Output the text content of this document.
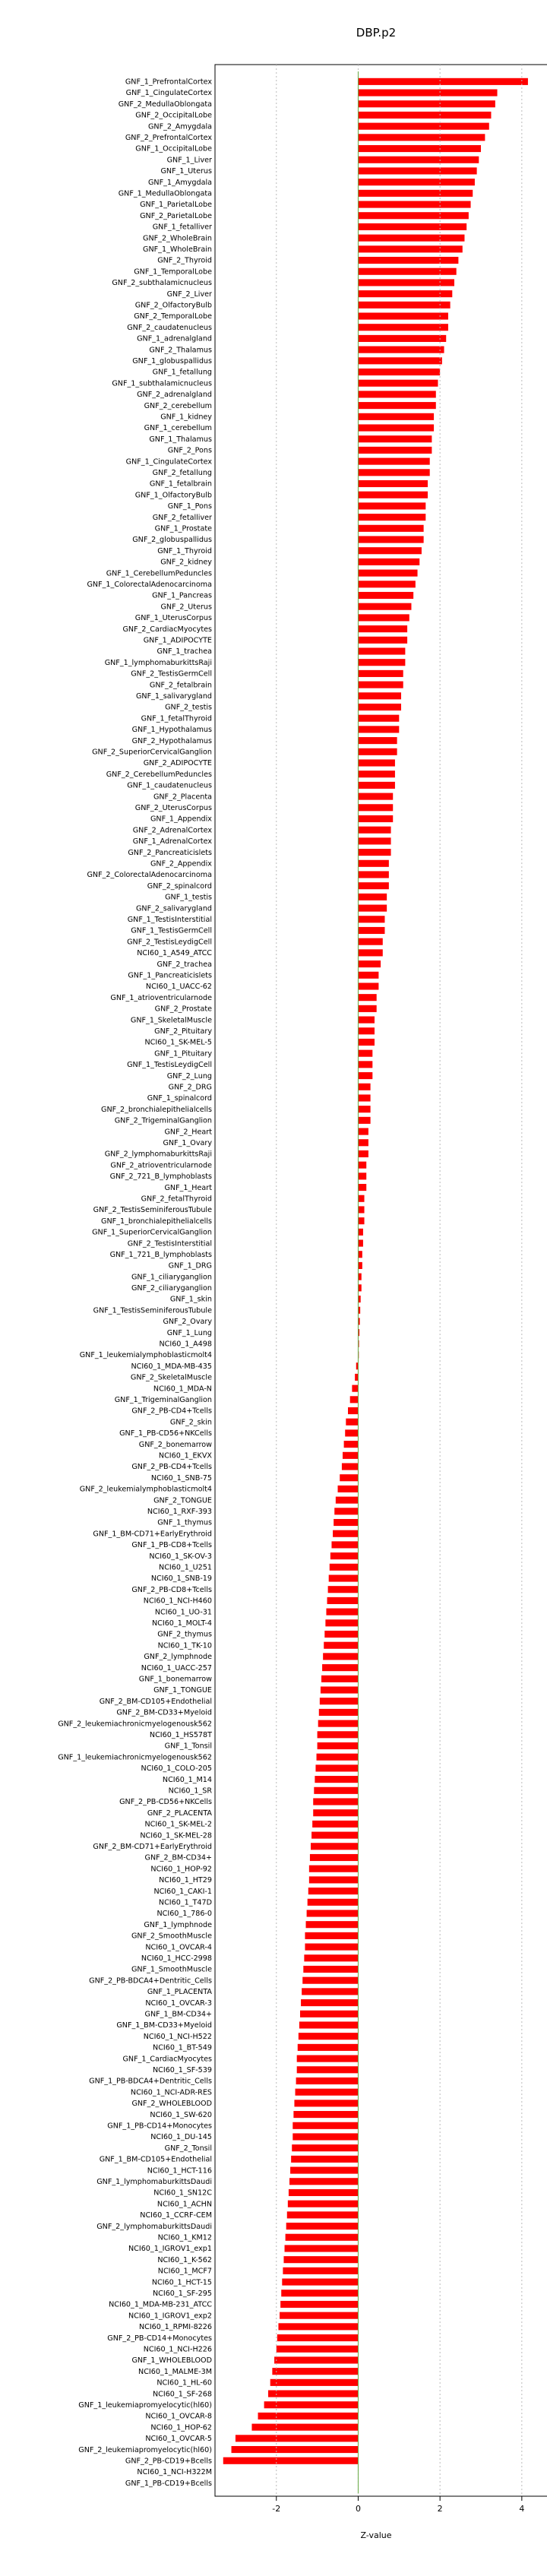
DBP.p2
GNF_1_PrefrontalCortex
GNF_1_CingulateCortex
GNF_2_MedullaOblongata
GNF_2_OccipitalLobe
GNF_2_Amygdala
GNF_2_PrefrontalCortex
GNF_1_OccipitalLobe
GNF_1_Liver
GNF_1_Uterus
GNF_1_Amygdala
GNF_1_MedullaOblongata
GNF_1_ParietalLobe
GNF_2_ParietalLobe
GNF_1_fetalliver
GNF_2_WholeBrain
GNF_1_WholeBrain
GNF_2_Thyroid
GNF_1_TemporalLobe
GNF_2_subthalamicnucleus
GNF_2_Liver
GNF_2_OlfactoryBulb
GNF_2_TemporalLobe
GNF_2_caudatenucleus
GNF_1_adrenalgland
GNF_2_Thalamus
GNF_1_globuspallidus
GNF_1_fetallung
GNF_1_subthalamicnucleus
GNF_2_adrenalgland
GNF_2_cerebellum
GNF_1_kidney
GNF_1_cerebellum
GNF_1_Thalamus
GNF_2_Pons
GNF_1_CingulateCortex
GNF_2_fetallung
GNF_1_fetalbrain
GNF_1_OlfactoryBulb
GNF_1_Pons
GNF_2_fetalliver
GNF_1_Prostate
GNF_2_globuspallidus
GNF_1_Thyroid
GNF_2_kidney
GNF_1_CerebellumPeduncles
GNF_1_ColorectalAdenocarcinoma
GNF_1_Pancreas
GNF_2_Uterus
GNF_1_UterusCorpus
GNF_2_CardiacMyocytes
GNF_1_ADIPOCYTE
GNF_1_trachea
GNF_1_lymphomaburkittsRaji
GNF_2_TestisGermCell
GNF_2_fetalbrain
GNF_1_salivarygland
GNF_2_testis
GNF_1_fetalThyroid
GNF_1_Hypothalamus
GNF_2_Hypothalamus
GNF_2_SuperiorCervicalGanglion
GNF_2_ADIPOCYTE
GNF_2_CerebellumPeduncles
GNF_1_caudatenucleus
GNF_2_Placenta
GNF_2_UterusCorpus
GNF_1_Appendix
GNF_2_AdrenalCortex
GNF_1_AdrenalCortex
GNF_2_Pancreaticislets
GNF_2_Appendix
GNF_2_ColorectalAdenocarcinoma
GNF_2_spinalcord
GNF_1_testis
GNF_2_salivarygland
GNF_1_TestisInterstitial
GNF_1_TestisGermCell
GNF_2_TestisLeydigCell
NCI60_1_A549_ATCC
GNF_2_trachea
GNF_1_Pancreaticislets
NCI60_1_UACC-62
GNF_1_atrioventricularnode
GNF_2_Prostate
GNF_1_SkeletalMuscle
GNF_2_Pituitary
NCI60_1_SK-MEL-5
GNF_1_Pituitary
GNF_1_TestisLeydigCell
GNF_2_Lung
GNF_2_DRG
GNF_1_spinalcord
GNF_2_bronchialepithelialcells
GNF_2_TrigeminalGanglion
GNF_2_Heart
GNF_1_Ovary
GNF_2_lymphomaburkittsRaji
GNF_2_atrioventricularnode
GNF_2_721_B_lymphoblasts
GNF_1_Heart
GNF_2_fetalThyroid
GNF_2_TestisSeminiferousTubule
GNF_1_bronchialepithelialcells
GNF_1_SuperiorCervicalGanglion
GNF_2_TestisInterstitial
GNF_1_721_B_lymphoblasts
GNF_1_DRG
GNF_1_ciliaryganglion
GNF_2_ciliaryganglion
GNF_1_skin
GNF_1_TestisSeminiferousTubule
GNF_2_Ovary
GNF_1_Lung
NCI60_1_A498
GNF_1_leukemialymphoblasticmolt4
NCI60_1_MDA-MB-435
GNF_2_SkeletalMuscle
NCI60_1_MDA-N
GNF_1_TrigeminalGanglion
GNF_2_PB-CD4+Tcells
GNF_2_skin
GNF_1_PB-CD56+NKCells
GNF_2_bonemarrow
NCI60_1_EKVX
GNF_2_PB-CD4+Tcells
NCI60_1_SNB-75
GNF_2_leukemialymphoblasticmolt4
GNF_2_TONGUE
NCI60_1_RXF-393
GNF_1_thymus
GNF_1_BM-CD71+EarlyErythroid
GNF_1_PB-CD8+Tcells
NCI60_1_SK-OV-3
NCI60_1_U251
NCI60_1_SNB-19
GNF_2_PB-CD8+Tcells
NCI60_1_NCI-H460
NCI60_1_UO-31
NCI60_1_MOLT-4
GNF_2_thymus
NCI60_1_TK-10
GNF_2_lymphnode
NCI60_1_UACC-257
GNF_1_bonemarrow
GNF_1_TONGUE
GNF_2_BM-CD105+Endothelial
GNF_2_BM-CD33+Myeloid
GNF_2_leukemiachronicmyelogenousk562
NCI60_1_HS578T
GNF_1_Tonsil
GNF_1_leukemiachronicmyelogenousk562
NCI60_1_COLO-205
NCI60_1_M14
NCI60_1_SR
GNF_2_PB-CD56+NKCells
GNF_2_PLACENTA
NCI60_1_SK-MEL-2
NCI60_1_SK-MEL-28
GNF_2_BM-CD71+EarlyErythroid
GNF_2_BM-CD34+
NCI60_1_HOP-92
NCI60_1_HT29
NCI60_1_CAKI-1
NCI60_1_T47D
NCI60_1_786-0
GNF_1_lymphnode
GNF_2_SmoothMuscle
NCI60_1_OVCAR-4
NCI60_1_HCC-2998
GNF_1_SmoothMuscle
GNF_2_PB-BDCA4+Dentritic_Cells
GNF_1_PLACENTA
NCI60_1_OVCAR-3
GNF_1_BM-CD34+
GNF_1_BM-CD33+Myeloid
NCI60_1_NCI-H522
NCI60_1_BT-549
GNF_1_CardiacMyocytes
NCI60_1_SF-539
GNF_1_PB-BDCA4+Dentritic_Cells
NCI60_1_NCI-ADR-RES
GNF_2_WHOLEBLOOD
NCI60_1_SW-620
GNF_1_PB-CD14+Monocytes
NCI60_1_DU-145
GNF_2_Tonsil
GNF_1_BM-CD105+Endothelial
NCI60_1_HCT-116
GNF_1_lymphomaburkittsDaudi
NCI60_1_SN12C
NCI60_1_ACHN
NCI60_1_CCRF-CEM
GNF_2_lymphomaburkittsDaudi
NCI60_1_KM12
NCI60_1_IGROV1_exp1
NCI60_1_K-562
NCI60_1_MCF7
NCI60_1_HCT-15
NCI60_1_SF-295
NCI60_1_MDA-MB-231_ATCC
NCI60_1_IGROV1_exp2
NCI60_1_RPMI-8226
GNF_2_PB-CD14+Monocytes
NCI60_1_NCI-H226
GNF_1_WHOLEBLOOD
NCI60_1_MALME-3M
NCI60_1_HL-60
NCI60_1_SF-268
GNF_1_leukemiapromyelocytic(hl60)
NCI60_1_OVCAR-8
NCI60_1_HOP-62
NCI60_1_OVCAR-5
GNF_2_leukemiapromyelocytic(hl60)
GNF_2_PB-CD19+Bcells
NCI60_1_NCI-H322M
GNF_1_PB-CD19+Bcells
-2	0	2	4
Z-value
